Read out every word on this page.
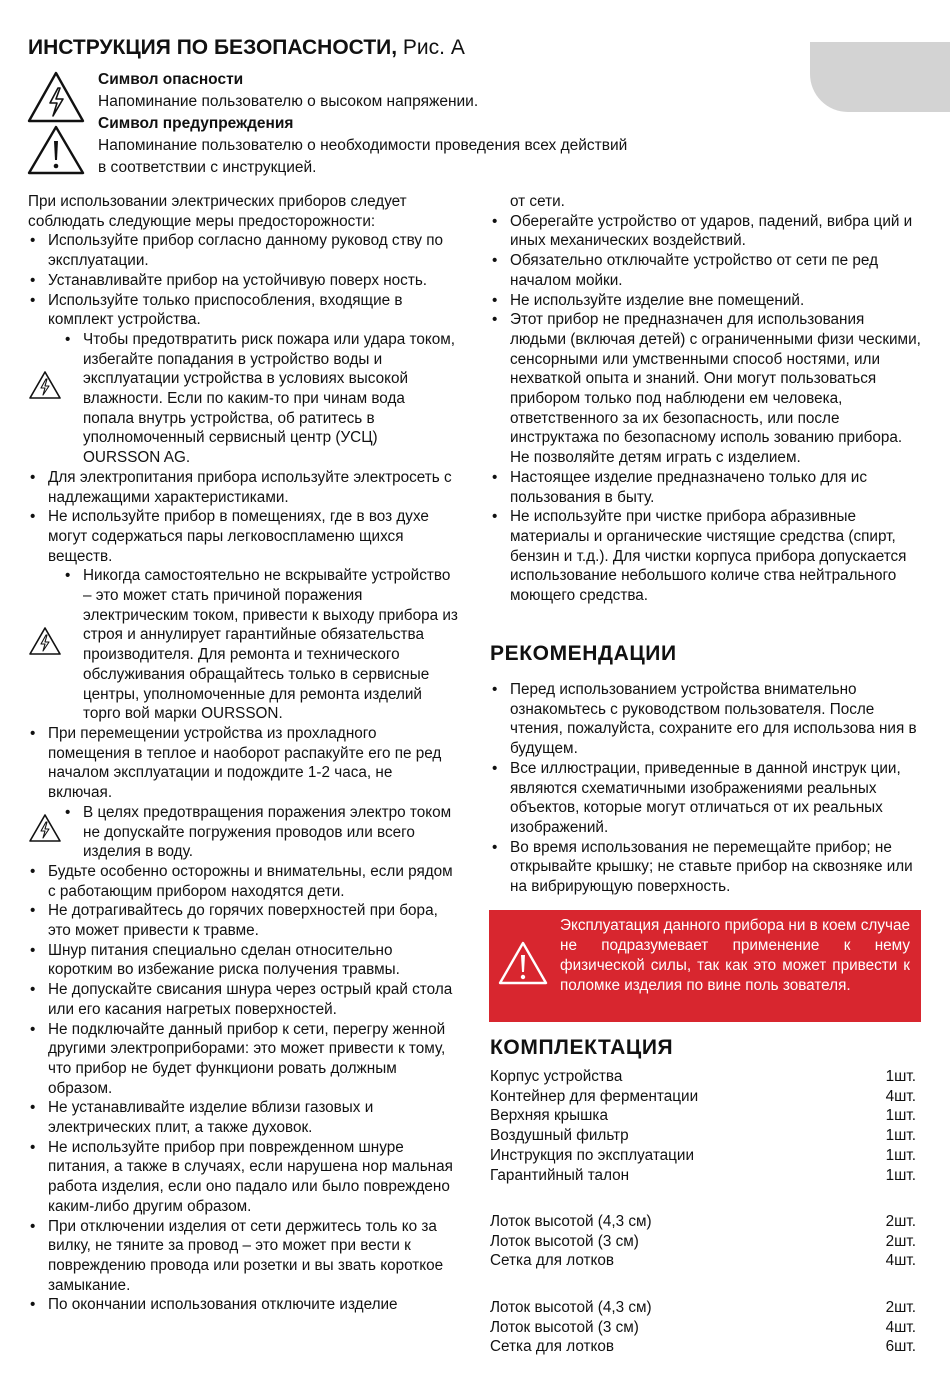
ИНСТРУКЦИЯ ПО БЕЗОПАСНОСТИ, Рис. А
Символ опасности
Напоминание пользователю о высоком напряжении.
Символ предупреждения
Напоминание пользователю о необходимости проведения всех действий
в соответствии с инструкцией.

При использовании электрических приборов следует соблюдать следующие меры предосторожности:

• Используйте прибор согласно данному руковод ству по эксплуатации.

• Устанавливайте прибор на устойчивую поверх ность.

• Используйте только приспособления, входящие в комплект устройства.

• Чтобы предотвратить риск пожара или удара током, избегайте попадания в устройство воды и эксплуатации устройства в условиях высокой влажности. Если по каким-то при чинам вода попала внутрь устройства, об ратитесь в уполномоченный сервисный центр (УСЦ) OURSSON AG.

• Для электропитания прибора используйте электросеть с надлежащими характеристиками.

• Не используйте прибор в помещениях, где в воз духе могут содержаться пары легковоспламеню щихся веществ.

• Никогда самостоятельно не вскрывайте устройство – это может стать причиной поражения электрическим током, привести к выходу прибора из строя и аннулирует гарантийные обязательства производителя. Для ремонта и технического обслуживания обращайтесь только в сервисные центры, уполномоченные для ремонта изделий торго вой марки OURSSON.

• При перемещении устройства из прохладного помещения в теплое и наоборот распакуйте его пе ред началом эксплуатации и подождите 1-2 часа, не включая.

• В целях предотвращения поражения электро током не допускайте погружения проводов или всего изделия в воду.

• Будьте особенно осторожны и внимательны, если рядом с работающим прибором находятся дети.

• Не дотрагивайтесь до горячих поверхностей при бора, это может привести к травме.

• Шнур питания специально сделан относительно коротким во избежание риска получения травмы.

• Не допускайте свисания шнура через острый край стола или его касания нагретых поверхностей.

• Не подключайте данный прибор к сети, перегру женной другими электроприборами: это может привести к тому, что прибор не будет функциони ровать должным образом.

• Не устанавливайте изделие вблизи газовых и электрических плит, а также духовок.

• Не используйте прибор при поврежденном шнуре питания, а также в случаях, если нарушена нор мальная работа изделия, если оно падало или было повреждено каким-либо другим образом.

• При отключении изделия от сети держитесь толь ко за вилку, не тяните за провод – это может при вести к повреждению провода или розетки и вы звать короткое замыкание.

• По окончании использования отключите изделие

от сети.

• Оберегайте устройство от ударов, падений, вибра ций и иных механических воздействий.

• Обязательно отключайте устройство от сети пе ред началом мойки.

• Не используйте изделие вне помещений.

• Этот прибор не предназначен для использования людьми (включая детей) с ограниченными физи ческими, сенсорными или умственными способ ностями, или нехваткой опыта и знаний. Они могут пользоваться прибором только под наблюдени ем человека, ответственного за их безопасность, или после инструктажа по безопасному исполь зованию прибора. Не позволяйте детям играть с изделием.

• Настоящее изделие предназначено только для ис пользования в быту.

• Не используйте при чистке прибора абразивные материалы и органические чистящие средства (спирт, бензин и т.д.). Для чистки корпуса прибора допускается использование небольшого количе ства нейтрального моющего средства.

РЕКОМЕНДАЦИИ

• Перед использованием устройства внимательно ознакомьтесь с руководством пользователя. После чтения, пожалуйста, сохраните его для использова ния в будущем.

• Все иллюстрации, приведенные в данной инструк ции, являются схематичными изображениями реальных объектов, которые могут отличаться от их реальных изображений.

• Во время использования не перемещайте прибор; не открывайте крышку; не ставьте прибор на сквозняке или на вибрирующую поверхность.

Эксплуатация данного прибора ни в коем случае не подразумевает применение к нему физической силы, так как это может привести к поломке изделия по вине поль зователя.
КОМПЛЕКТАЦИЯ
Корпус устройства	1шт.
Контейнер для ферментации	4шт.
Верхняя крышка	1шт.
Воздушный фильтр	1шт.
Инструкция по эксплуатации	1шт.
Гарантийный талон	1шт.
Лоток высотой (4,3 см)	2шт.
Лоток высотой (3 см)	2шт.
Сетка для лотков	4шт.
Лоток высотой (4,3 см)	2шт.
Лоток высотой (3 см)	4шт.
Сетка для лотков	6шт.
